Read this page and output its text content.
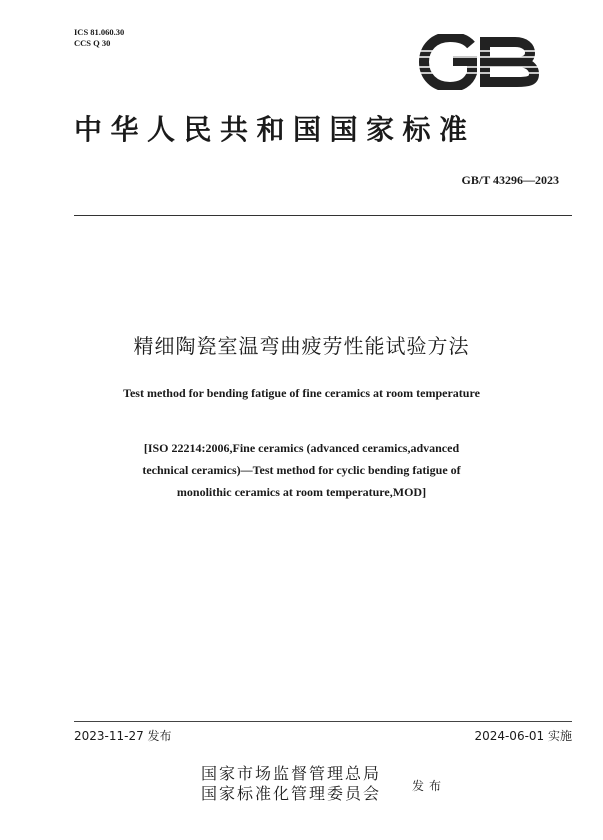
ICS 81.060.30
CCS Q 30
中华人民共和国国家标准
GB/T 43296—2023
精细陶瓷室温弯曲疲劳性能试验方法
Test method for bending fatigue of fine ceramics at room temperature
[ISO 22214:2006,Fine ceramics (advanced ceramics,advanced
technical ceramics)—Test method for cyclic bending fatigue of
monolithic ceramics at room temperature,MOD]
2023-11-27 发布	2024-06-01 实施
国家市场监督管理总局
国家标准化管理委员会	发布
